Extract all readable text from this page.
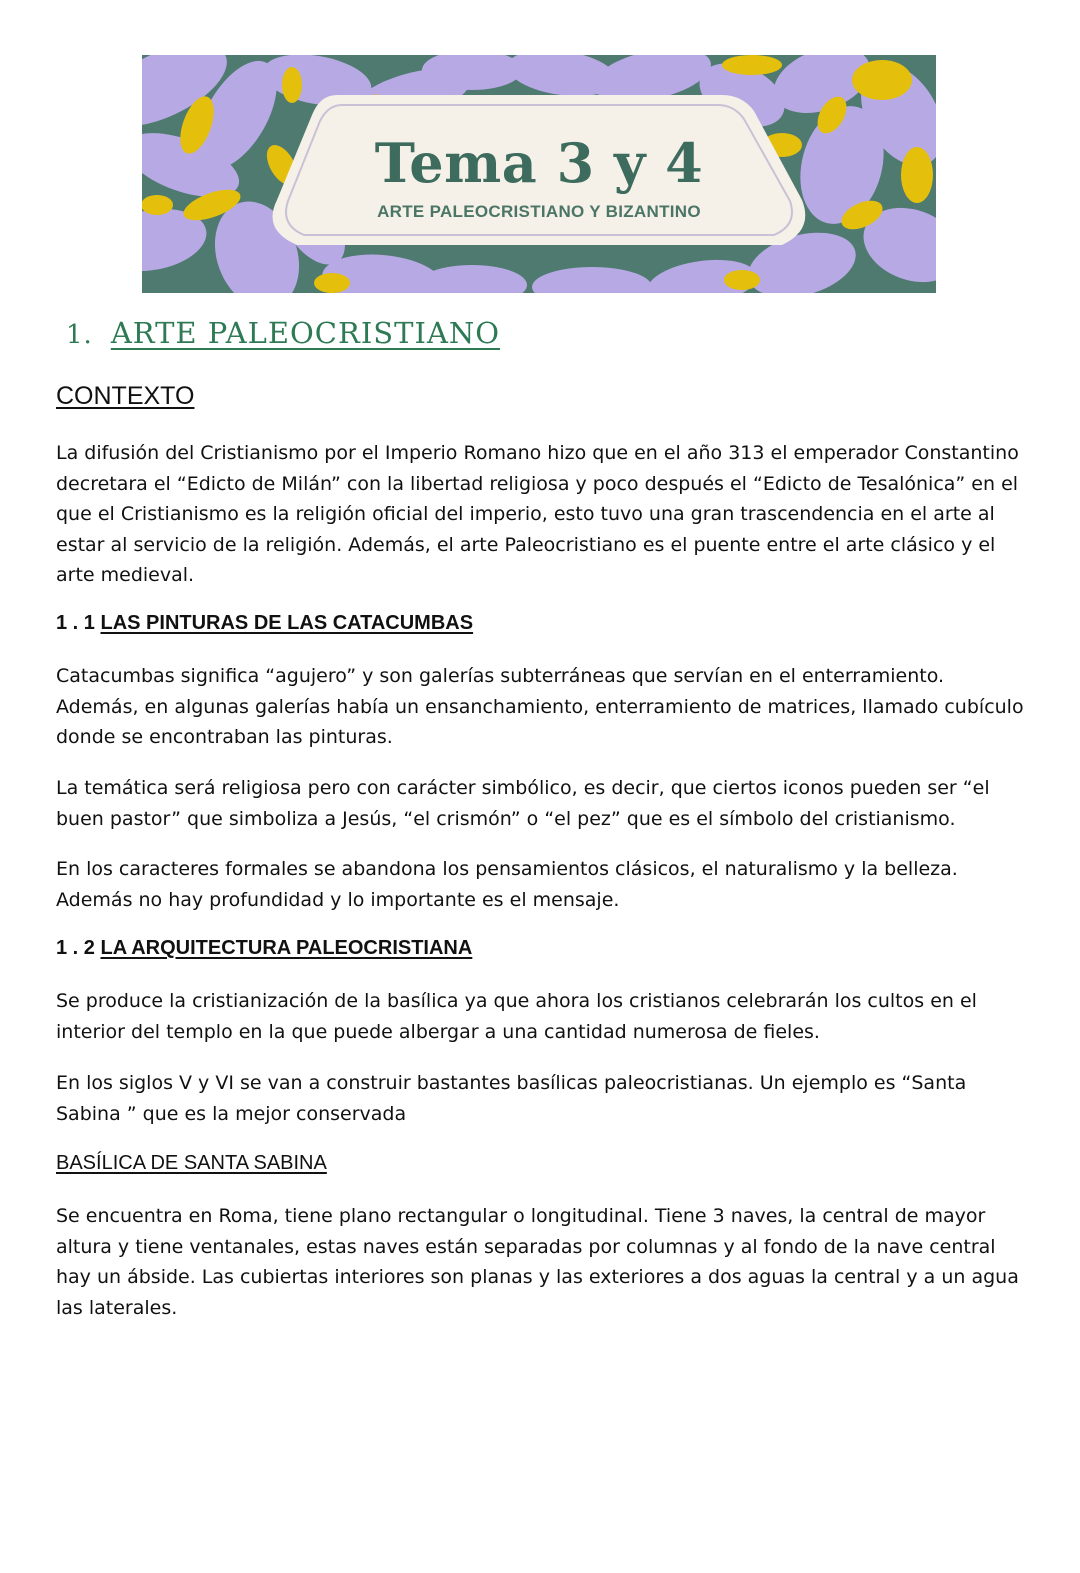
Tema 3 y 4
ARTE PALEOCRISTIANO Y BIZANTINO
1. ARTE PALEOCRISTIANO
CONTEXTO

La difusión del Cristianismo por el Imperio Romano hizo que en el año 313 el emperador Constantino decretara el “Edicto de Milán” con la libertad religiosa y poco después el “Edicto de Tesalónica” en el que el Cristianismo es la religión oficial del imperio, esto tuvo una gran trascendencia en el arte al estar al servicio de la religión. Además, el arte Paleocristiano es el puente entre el arte clásico y el arte medieval.

1 . 1 LAS PINTURAS DE LAS CATACUMBAS

Catacumbas significa “agujero” y son galerías subterráneas que servían en el enterramiento. Además, en algunas galerías había un ensanchamiento, enterramiento de matrices, llamado cubículo donde se encontraban las pinturas.

La temática será religiosa pero con carácter simbólico, es decir, que ciertos iconos pueden ser “el buen pastor” que simboliza a Jesús, “el crismón” o “el pez” que es el símbolo del cristianismo.

En los caracteres formales se abandona los pensamientos clásicos, el naturalismo y la belleza. Además no hay profundidad y lo importante es el mensaje.

1 . 2 LA ARQUITECTURA PALEOCRISTIANA

Se produce la cristianización de la basílica ya que ahora los cristianos celebrarán los cultos en el interior del templo en la que puede albergar a una cantidad numerosa de fieles.

En los siglos V y VI se van a construir bastantes basílicas paleocristianas. Un ejemplo es “Santa Sabina ” que es la mejor conservada

BASÍLICA DE SANTA SABINA

Se encuentra en Roma, tiene plano rectangular o longitudinal. Tiene 3 naves, la central de mayor altura y tiene ventanales, estas naves están separadas por columnas y al fondo de la nave central hay un ábside. Las cubiertas interiores son planas y las exteriores a dos aguas la central y a un agua las laterales.
